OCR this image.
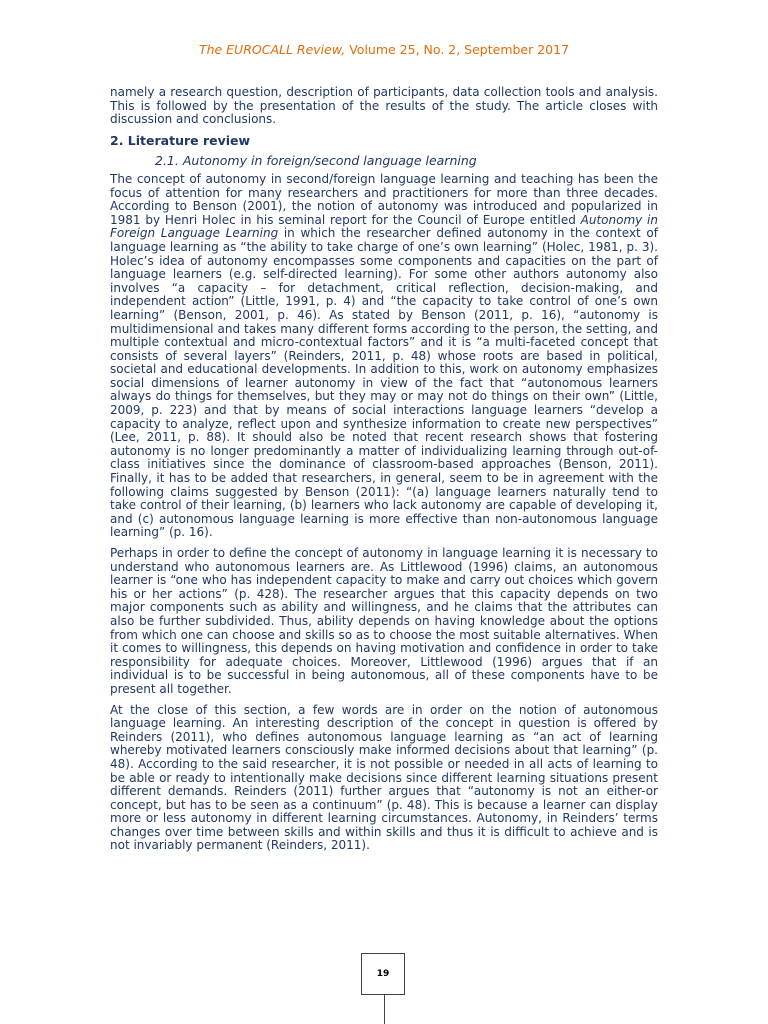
The EUROCALL Review, Volume 25, No. 2, September 2017

namely a research question, description of participants, data collection tools and analysis. This is followed by the presentation of the results of the study. The article closes with discussion and conclusions.

2. Literature review
2.1. Autonomy in foreign/second language learning

The concept of autonomy in second/foreign language learning and teaching has been the focus of attention for many researchers and practitioners for more than three decades. According to Benson (2001), the notion of autonomy was introduced and popularized in 1981 by Henri Holec in his seminal report for the Council of Europe entitled Autonomy in Foreign Language Learning in which the researcher defined autonomy in the context of language learning as “the ability to take charge of one’s own learning” (Holec, 1981, p. 3). Holec’s idea of autonomy encompasses some components and capacities on the part of language learners (e.g. self-directed learning). For some other authors autonomy also involves “a capacity – for detachment, critical reflection, decision-making, and independent action” (Little, 1991, p. 4) and “the capacity to take control of one’s own learning” (Benson, 2001, p. 46). As stated by Benson (2011, p. 16), “autonomy is multidimensional and takes many different forms according to the person, the setting, and multiple contextual and micro-contextual factors” and it is “a multi-faceted concept that consists of several layers” (Reinders, 2011, p. 48) whose roots are based in political, societal and educational developments. In addition to this, work on autonomy emphasizes social dimensions of learner autonomy in view of the fact that “autonomous learners always do things for themselves, but they may or may not do things on their own” (Little, 2009, p. 223) and that by means of social interactions language learners “develop a capacity to analyze, reflect upon and synthesize information to create new perspectives” (Lee, 2011, p. 88). It should also be noted that recent research shows that fostering autonomy is no longer predominantly a matter of individualizing learning through out-of-class initiatives since the dominance of classroom-based approaches (Benson, 2011). Finally, it has to be added that researchers, in general, seem to be in agreement with the following claims suggested by Benson (2011): “(a) language learners naturally tend to take control of their learning, (b) learners who lack autonomy are capable of developing it, and (c) autonomous language learning is more effective than non-autonomous language learning” (p. 16).

Perhaps in order to define the concept of autonomy in language learning it is necessary to understand who autonomous learners are. As Littlewood (1996) claims, an autonomous learner is “one who has independent capacity to make and carry out choices which govern his or her actions” (p. 428). The researcher argues that this capacity depends on two major components such as ability and willingness, and he claims that the attributes can also be further subdivided. Thus, ability depends on having knowledge about the options from which one can choose and skills so as to choose the most suitable alternatives. When it comes to willingness, this depends on having motivation and confidence in order to take responsibility for adequate choices. Moreover, Littlewood (1996) argues that if an individual is to be successful in being autonomous, all of these components have to be present all together.

At the close of this section, a few words are in order on the notion of autonomous language learning. An interesting description of the concept in question is offered by Reinders (2011), who defines autonomous language learning as “an act of learning whereby motivated learners consciously make informed decisions about that learning” (p. 48). According to the said researcher, it is not possible or needed in all acts of learning to be able or ready to intentionally make decisions since different learning situations present different demands. Reinders (2011) further argues that “autonomy is not an either-or concept, but has to be seen as a continuum” (p. 48). This is because a learner can display more or less autonomy in different learning circumstances. Autonomy, in Reinders’ terms changes over time between skills and within skills and thus it is difficult to achieve and is not invariably permanent (Reinders, 2011).

19
